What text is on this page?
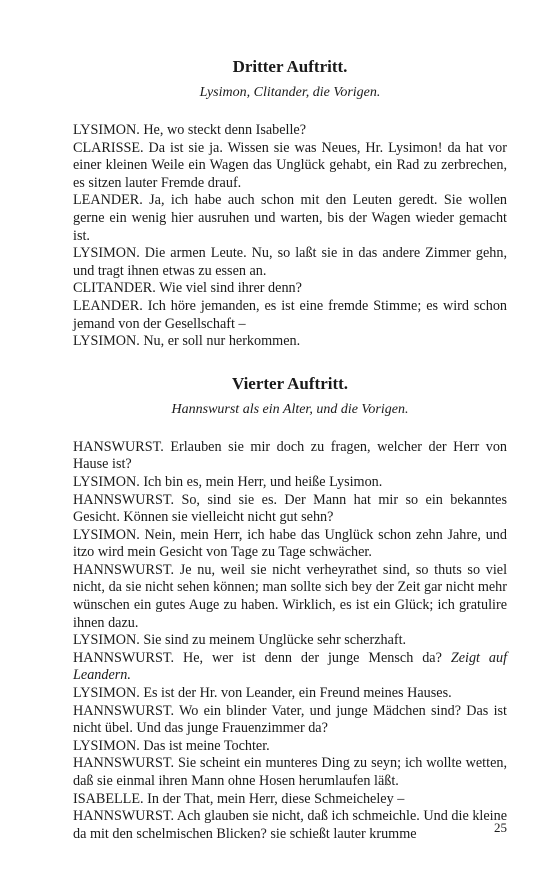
Dritter Auftritt.

Lysimon, Clitander, die Vorigen.

LYSIMON. He, wo steckt denn Isabelle?

CLARISSE. Da ist sie ja. Wissen sie was Neues, Hr. Lysimon! da hat vor einer kleinen Weile ein Wagen das Unglück gehabt, ein Rad zu zerbrechen, es sitzen lauter Fremde drauf.

LEANDER. Ja, ich habe auch schon mit den Leuten geredt. Sie wollen gerne ein wenig hier ausruhen und warten, bis der Wagen wieder gemacht ist.

LYSIMON. Die armen Leute. Nu, so laßt sie in das andere Zimmer gehn, und tragt ihnen etwas zu essen an.

CLITANDER. Wie viel sind ihrer denn?

LEANDER. Ich höre jemanden, es ist eine fremde Stimme; es wird schon jemand von der Gesellschaft –

LYSIMON. Nu, er soll nur herkommen.

Vierter Auftritt.

Hannswurst als ein Alter, und die Vorigen.

HANSWURST. Erlauben sie mir doch zu fragen, welcher der Herr von Hause ist?

LYSIMON. Ich bin es, mein Herr, und heiße Lysimon.

HANNSWURST. So, sind sie es. Der Mann hat mir so ein bekanntes Gesicht. Können sie vielleicht nicht gut sehn?

LYSIMON. Nein, mein Herr, ich habe das Unglück schon zehn Jahre, und itzo wird mein Gesicht von Tage zu Tage schwächer.

HANNSWURST. Je nu, weil sie nicht verheyrathet sind, so thuts so viel nicht, da sie nicht sehen können; man sollte sich bey der Zeit gar nicht mehr wünschen ein gutes Auge zu haben. Wirklich, es ist ein Glück; ich gratulire ihnen dazu.

LYSIMON. Sie sind zu meinem Unglücke sehr scherzhaft.

HANNSWURST. He, wer ist denn der junge Mensch da? Zeigt auf Leandern.

LYSIMON. Es ist der Hr. von Leander, ein Freund meines Hauses.

HANNSWURST. Wo ein blinder Vater, und junge Mädchen sind? Das ist nicht übel. Und das junge Frauenzimmer da?

LYSIMON. Das ist meine Tochter.

HANNSWURST. Sie scheint ein munteres Ding zu seyn; ich wollte wetten, daß sie einmal ihren Mann ohne Hosen herumlaufen läßt.

ISABELLE. In der That, mein Herr, diese Schmeicheley –

HANNSWURST. Ach glauben sie nicht, daß ich schmeichle. Und die kleine da mit den schelmischen Blicken? sie schießt lauter krumme	25
